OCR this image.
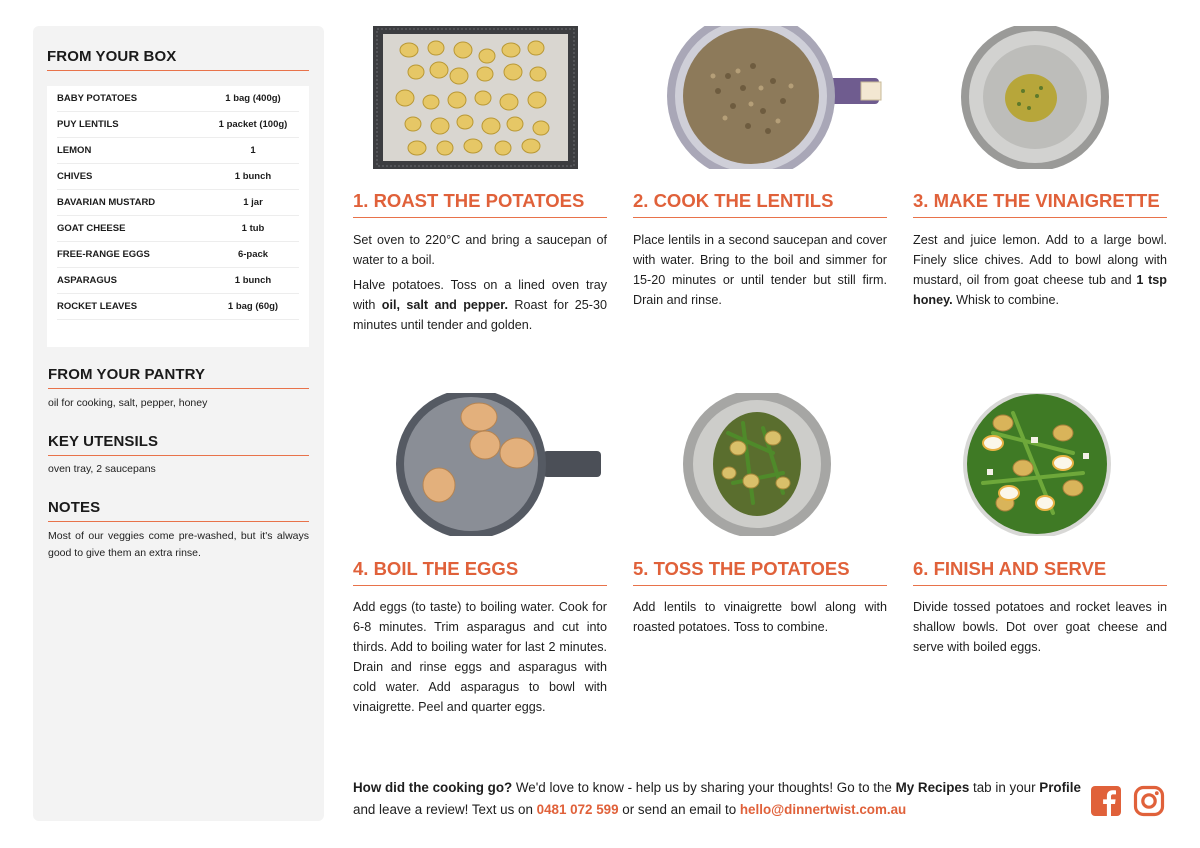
FROM YOUR BOX
BABY POTATOES	1 bag (400g)
PUY LENTILS	1 packet (100g)
LEMON	1
CHIVES	1 bunch
BAVARIAN MUSTARD	1 jar
GOAT CHEESE	1 tub
FREE-RANGE EGGS	6-pack
ASPARAGUS	1 bunch
ROCKET LEAVES	1 bag (60g)
FROM YOUR PANTRY
oil for cooking, salt, pepper, honey
KEY UTENSILS
oven tray, 2 saucepans
NOTES
Most of our veggies come pre-washed, but it's always good to give them an extra rinse.
1. ROAST THE POTATOES	2. COOK THE LENTILS	3. MAKE THE VINAIGRETTE
4. BOIL THE EGGS	5. TOSS THE POTATOES	6. FINISH AND SERVE

Set oven to 220°C and bring a saucepan of water to a boil.

Halve potatoes. Toss on a lined oven tray with oil, salt and pepper. Roast for 25-30 minutes until tender and golden.

Place lentils in a second saucepan and cover with water. Bring to the boil and simmer for 15-20 minutes or until tender but still firm. Drain and rinse.

Zest and juice lemon. Add to a large bowl. Finely slice chives. Add to bowl along with mustard, oil from goat cheese tub and 1 tsp honey. Whisk to combine.

Add eggs (to taste) to boiling water. Cook for 6-8 minutes. Trim asparagus and cut into thirds. Add to boiling water for last 2 minutes. Drain and rinse eggs and asparagus with cold water. Add asparagus to bowl with vinaigrette. Peel and quarter eggs.

Add lentils to vinaigrette bowl along with roasted potatoes. Toss to combine.

Divide tossed potatoes and rocket leaves in shallow bowls. Dot over goat cheese and serve with boiled eggs.

How did the cooking go? We'd love to know - help us by sharing your thoughts! Go to the My Recipes tab in your Profile and leave a review! Text us on 0481 072 599 or send an email to hello@dinnertwist.com.au
